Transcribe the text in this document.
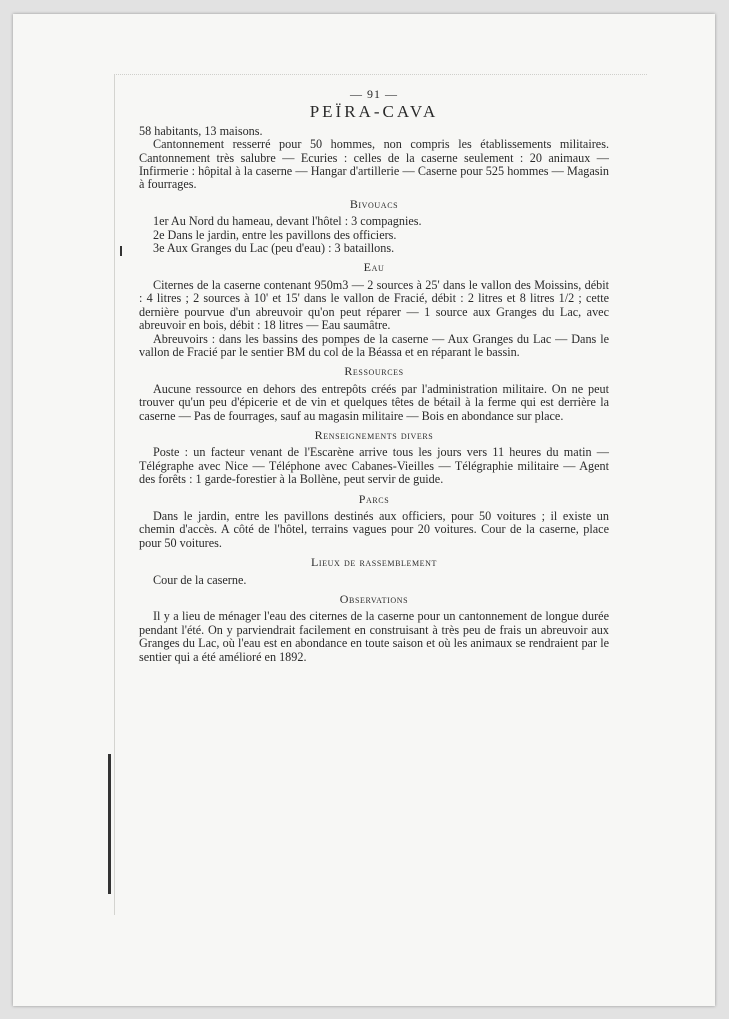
— 91 —
PEÏRA-CAVA

58 habitants, 13 maisons.

Cantonnement resserré pour 50 hommes, non compris les établissements militaires. Cantonnement très salubre — Ecuries : celles de la caserne seulement : 20 animaux — Infirmerie : hôpital à la caserne — Hangar d'artillerie — Caserne pour 525 hommes — Magasin à fourrages.

Bivouacs

1er Au Nord du hameau, devant l'hôtel : 3 compagnies.

2e Dans le jardin, entre les pavillons des officiers.

3e Aux Granges du Lac (peu d'eau) : 3 bataillons.

Eau

Citernes de la caserne contenant 950m3 — 2 sources à 25' dans le vallon des Moissins, débit : 4 litres ; 2 sources à 10' et 15' dans le vallon de Fracié, débit : 2 litres et 8 litres 1/2 ; cette dernière pourvue d'un abreuvoir qu'on peut réparer — 1 source aux Granges du Lac, avec abreuvoir en bois, débit : 18 litres — Eau saumâtre.

Abreuvoirs : dans les bassins des pompes de la caserne — Aux Granges du Lac — Dans le vallon de Fracié par le sentier BM du col de la Béassa et en réparant le bassin.

Ressources

Aucune ressource en dehors des entrepôts créés par l'administration militaire. On ne peut trouver qu'un peu d'épicerie et de vin et quelques têtes de bétail à la ferme qui est derrière la caserne — Pas de fourrages, sauf au magasin militaire — Bois en abondance sur place.

Renseignements divers

Poste : un facteur venant de l'Escarène arrive tous les jours vers 11 heures du matin — Télégraphe avec Nice — Téléphone avec Cabanes-Vieilles — Télégraphie militaire — Agent des forêts : 1 garde-forestier à la Bollène, peut servir de guide.

Parcs

Dans le jardin, entre les pavillons destinés aux officiers, pour 50 voitures ; il existe un chemin d'accès. A côté de l'hôtel, terrains vagues pour 20 voitures. Cour de la caserne, place pour 50 voitures.

Lieux de rassemblement

Cour de la caserne.

Observations

Il y a lieu de ménager l'eau des citernes de la caserne pour un cantonnement de longue durée pendant l'été. On y parviendrait facilement en construisant à très peu de frais un abreuvoir aux Granges du Lac, où l'eau est en abondance en toute saison et où les animaux se rendraient par le sentier qui a été amélioré en 1892.
